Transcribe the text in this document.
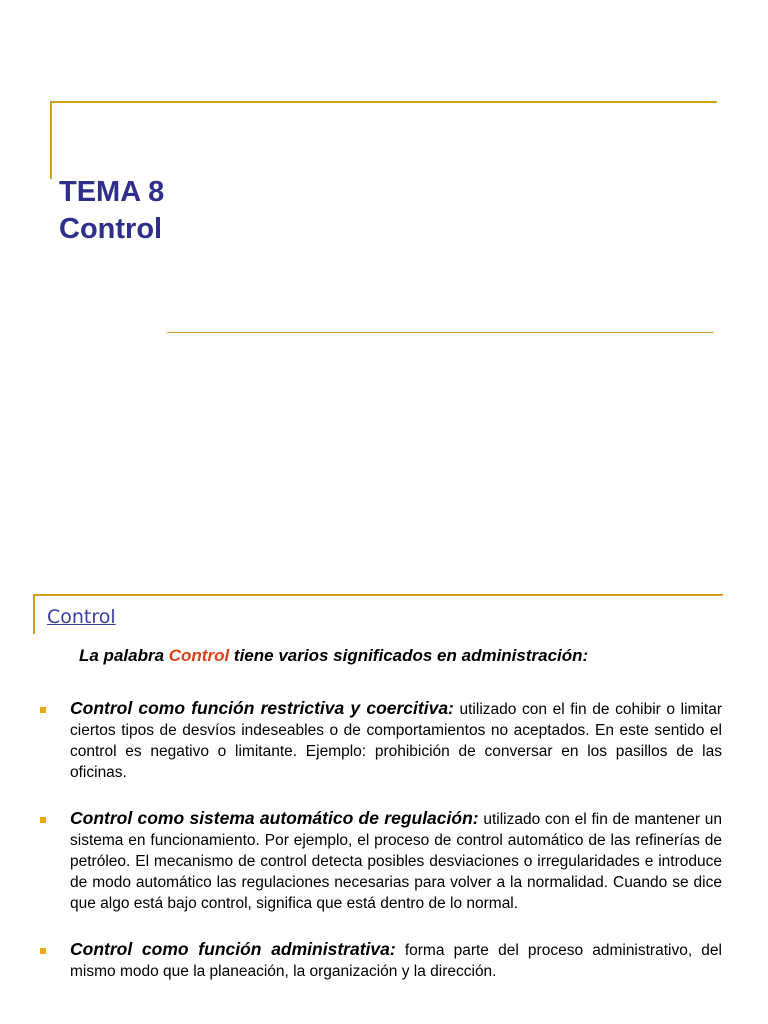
TEMA 8
Control
Control

La palabra Control tiene varios significados en administración:

Control como función restrictiva y coercitiva: utilizado con el fin de cohibir o limitar ciertos tipos de desvíos indeseables o de comportamientos no aceptados. En este sentido el control es negativo o limitante. Ejemplo: prohibición de conversar en los pasillos de las oficinas.
Control como sistema automático de regulación: utilizado con el fin de mantener un sistema en funcionamiento. Por ejemplo, el proceso de control automático de las refinerías de petróleo. El mecanismo de control detecta posibles desviaciones o irregularidades e introduce de modo automático las regulaciones necesarias para volver a la normalidad. Cuando se dice que algo está bajo control, significa que está dentro de lo normal.
Control como función administrativa: forma parte del proceso administrativo, del mismo modo que la planeación, la organización y la dirección.
